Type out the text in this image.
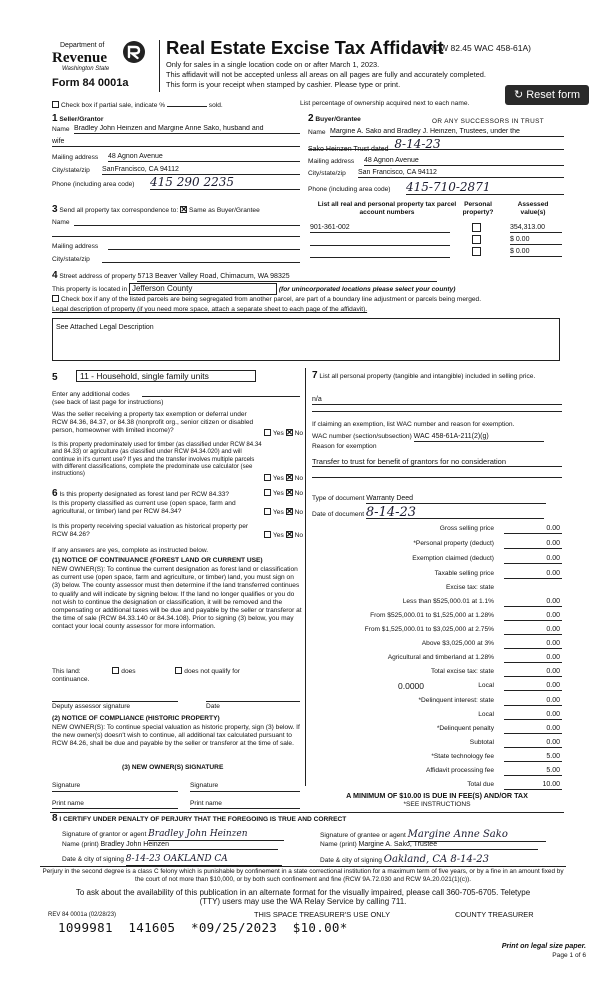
Department of
Revenue
Washington State
Form 84 0001a
Real Estate Excise Tax Affidavit
(RCW 82.45 WAC 458-61A)
Only for sales in a single location code on or after March 1, 2023.
This affidavit will not be accepted unless all areas on all pages are fully and accurately completed.
This form is your receipt when stamped by cashier. Please type or print.
↻ Reset form
Check box if partial sale, indicate %	sold.	List percentage of ownership acquired next to each name.
1 Seller/Grantor
Name Bradley John Heinzen and Margine Anne Sako, husband and
wife
Mailing address 48 Agnon Avenue
City/state/zip SanFrancisco, CA 94112
Phone (including area code) 415 290 2235
2 Buyer/Grantee	OR ANY SUCCESSORS IN TRUST
Name Margine A. Sako and Bradley J. Heinzen, Trustees, under the
Sako Heinzen Trust dated 8-14-23
Mailing address 48 Agnon Avenue
City/state/zip San Francisco, CA 94112
Phone (including area code) 415-710-2871
3 Send all property tax correspondence to: ✕ Same as Buyer/Grantee
Name
Mailing address
City/state/zip
List all real and personal property tax parcel account numbers
Personal property?
Assessed value(s)
901-361-002	354,313.00
$ 0.00
$ 0.00
4 Street address of property 5713 Beaver Valley Road, Chimacum, WA 98325
This property is located in Jefferson County	(for unincorporated locations please select your county)
Check box if any of the listed parcels are being segregated from another parcel, are part of a boundary line adjustment or parcels being merged.
Legal description of property (if you need more space, attach a separate sheet to each page of the affidavit).
See Attached Legal Description
5	11 - Household, single family units
Enter any additional codes
(see back of last page for instructions)
Was the seller receiving a property tax exemption or deferral under RCW 84.36, 84.37, or 84.38 (nonprofit org., senior citizen or disabled person, homeowner with limited income)?	Yes ✕ No
Is this property predominately used for timber (as classified under RCW 84.34 and 84.33) or agriculture (as classified under RCW 84.34.020) and will continue in it's current use? If yes and the transfer involves multiple parcels with different classifications, complete the predominate use calculator (see instructions)
Yes ✕ No
6 Is this property designated as forest land per RCW 84.33?	Yes ✕ No
Is this property classified as current use (open space, farm and agricultural, or timber) land per RCW 84.34?	Yes ✕ No
Is this property receiving special valuation as historical property per RCW 84.26?	Yes ✕ No
If any answers are yes, complete as instructed below.
(1) NOTICE OF CONTINUANCE (FOREST LAND OR CURRENT USE)
NEW OWNER(S): To continue the current designation as forest land or classification as current use (open space, farm and agriculture, or timber) land, you must sign on (3) below. The county assessor must then determine if the land transferred continues to qualify and will indicate by signing below. If the land no longer qualifies or you do not wish to continue the designation or classification, it will be removed and the compensating or additional taxes will be due and payable by the seller or transferor at the time of sale (RCW 84.33.140 or 84.34.108). Prior to signing (3) below, you may contact your local county assessor for more information.
This land:	does	does not qualify for
continuance.
Deputy assessor signature	Date
(2) NOTICE OF COMPLIANCE (HISTORIC PROPERTY)
NEW OWNER(S): To continue special valuation as historic property, sign (3) below. If the new owner(s) doesn't wish to continue, all additional tax calculated pursuant to RCW 84.26, shall be due and payable by the seller or transferor at the time of sale.
(3) NEW OWNER(S) SIGNATURE
Signature	Signature
Print name	Print name
7 List all personal property (tangible and intangible) included in selling price.
n/a
If claiming an exemption, list WAC number and reason for exemption.
WAC number (section/subsection) WAC 458-61A-211(2)(g)
Reason for exemption
Transfer to trust for benefit of grantors for no consideration
Type of document Warranty Deed
Date of document 8-14-23
Gross selling price	0.00
*Personal property (deduct)	0.00
Exemption claimed (deduct)	0.00
Taxable selling price	0.00
Excise tax: state
Less than $525,000.01 at 1.1%	0.00
From $525,000.01 to $1,525,000 at 1.28%	0.00
From $1,525,000.01 to $3,025,000 at 2.75%	0.00
Above $3,025,000 at 3%	0.00
Agricultural and timberland at 1.28%	0.00
Total excise tax: state	0.00
0.0000	Local	0.00
*Delinquent interest: state	0.00
Local	0.00
*Delinquent penalty	0.00
Subtotal	0.00
*State technology fee	5.00
Affidavit processing fee	5.00
Total due	10.00
A MINIMUM OF $10.00 IS DUE IN FEE(S) AND/OR TAX
*SEE INSTRUCTIONS
8 I CERTIFY UNDER PENALTY OF PERJURY THAT THE FOREGOING IS TRUE AND CORRECT
Signature of grantor or agent Bradley John Heinzen
Name (print) Bradley John Heinzen
Date & city of signing 8-14-23 OAKLAND CA
Signature of grantee or agent Margine Anne Sako
Name (print) Margine A. Sako, Trustee
Date & city of signing Oakland, CA 8-14-23
Perjury in the second degree is a class C felony which is punishable by confinement in a state correctional institution for a maximum term of five years, or by a fine in an amount fixed by the court of not more than $10,000, or by both such confinement and fine (RCW 9A.72.030 and RCW 9A.20.021(1)(c)).
To ask about the availability of this publication in an alternate format for the visually impaired, please call 360-705-6705. Teletype
(TTY) users may use the WA Relay Service by calling 711.
REV 84 0001a (02/28/23)	THIS SPACE TREASURER'S USE ONLY	COUNTY TREASURER
1099981  141605  *09/25/2023  $10.00*
Print on legal size paper.
Page 1 of 6
